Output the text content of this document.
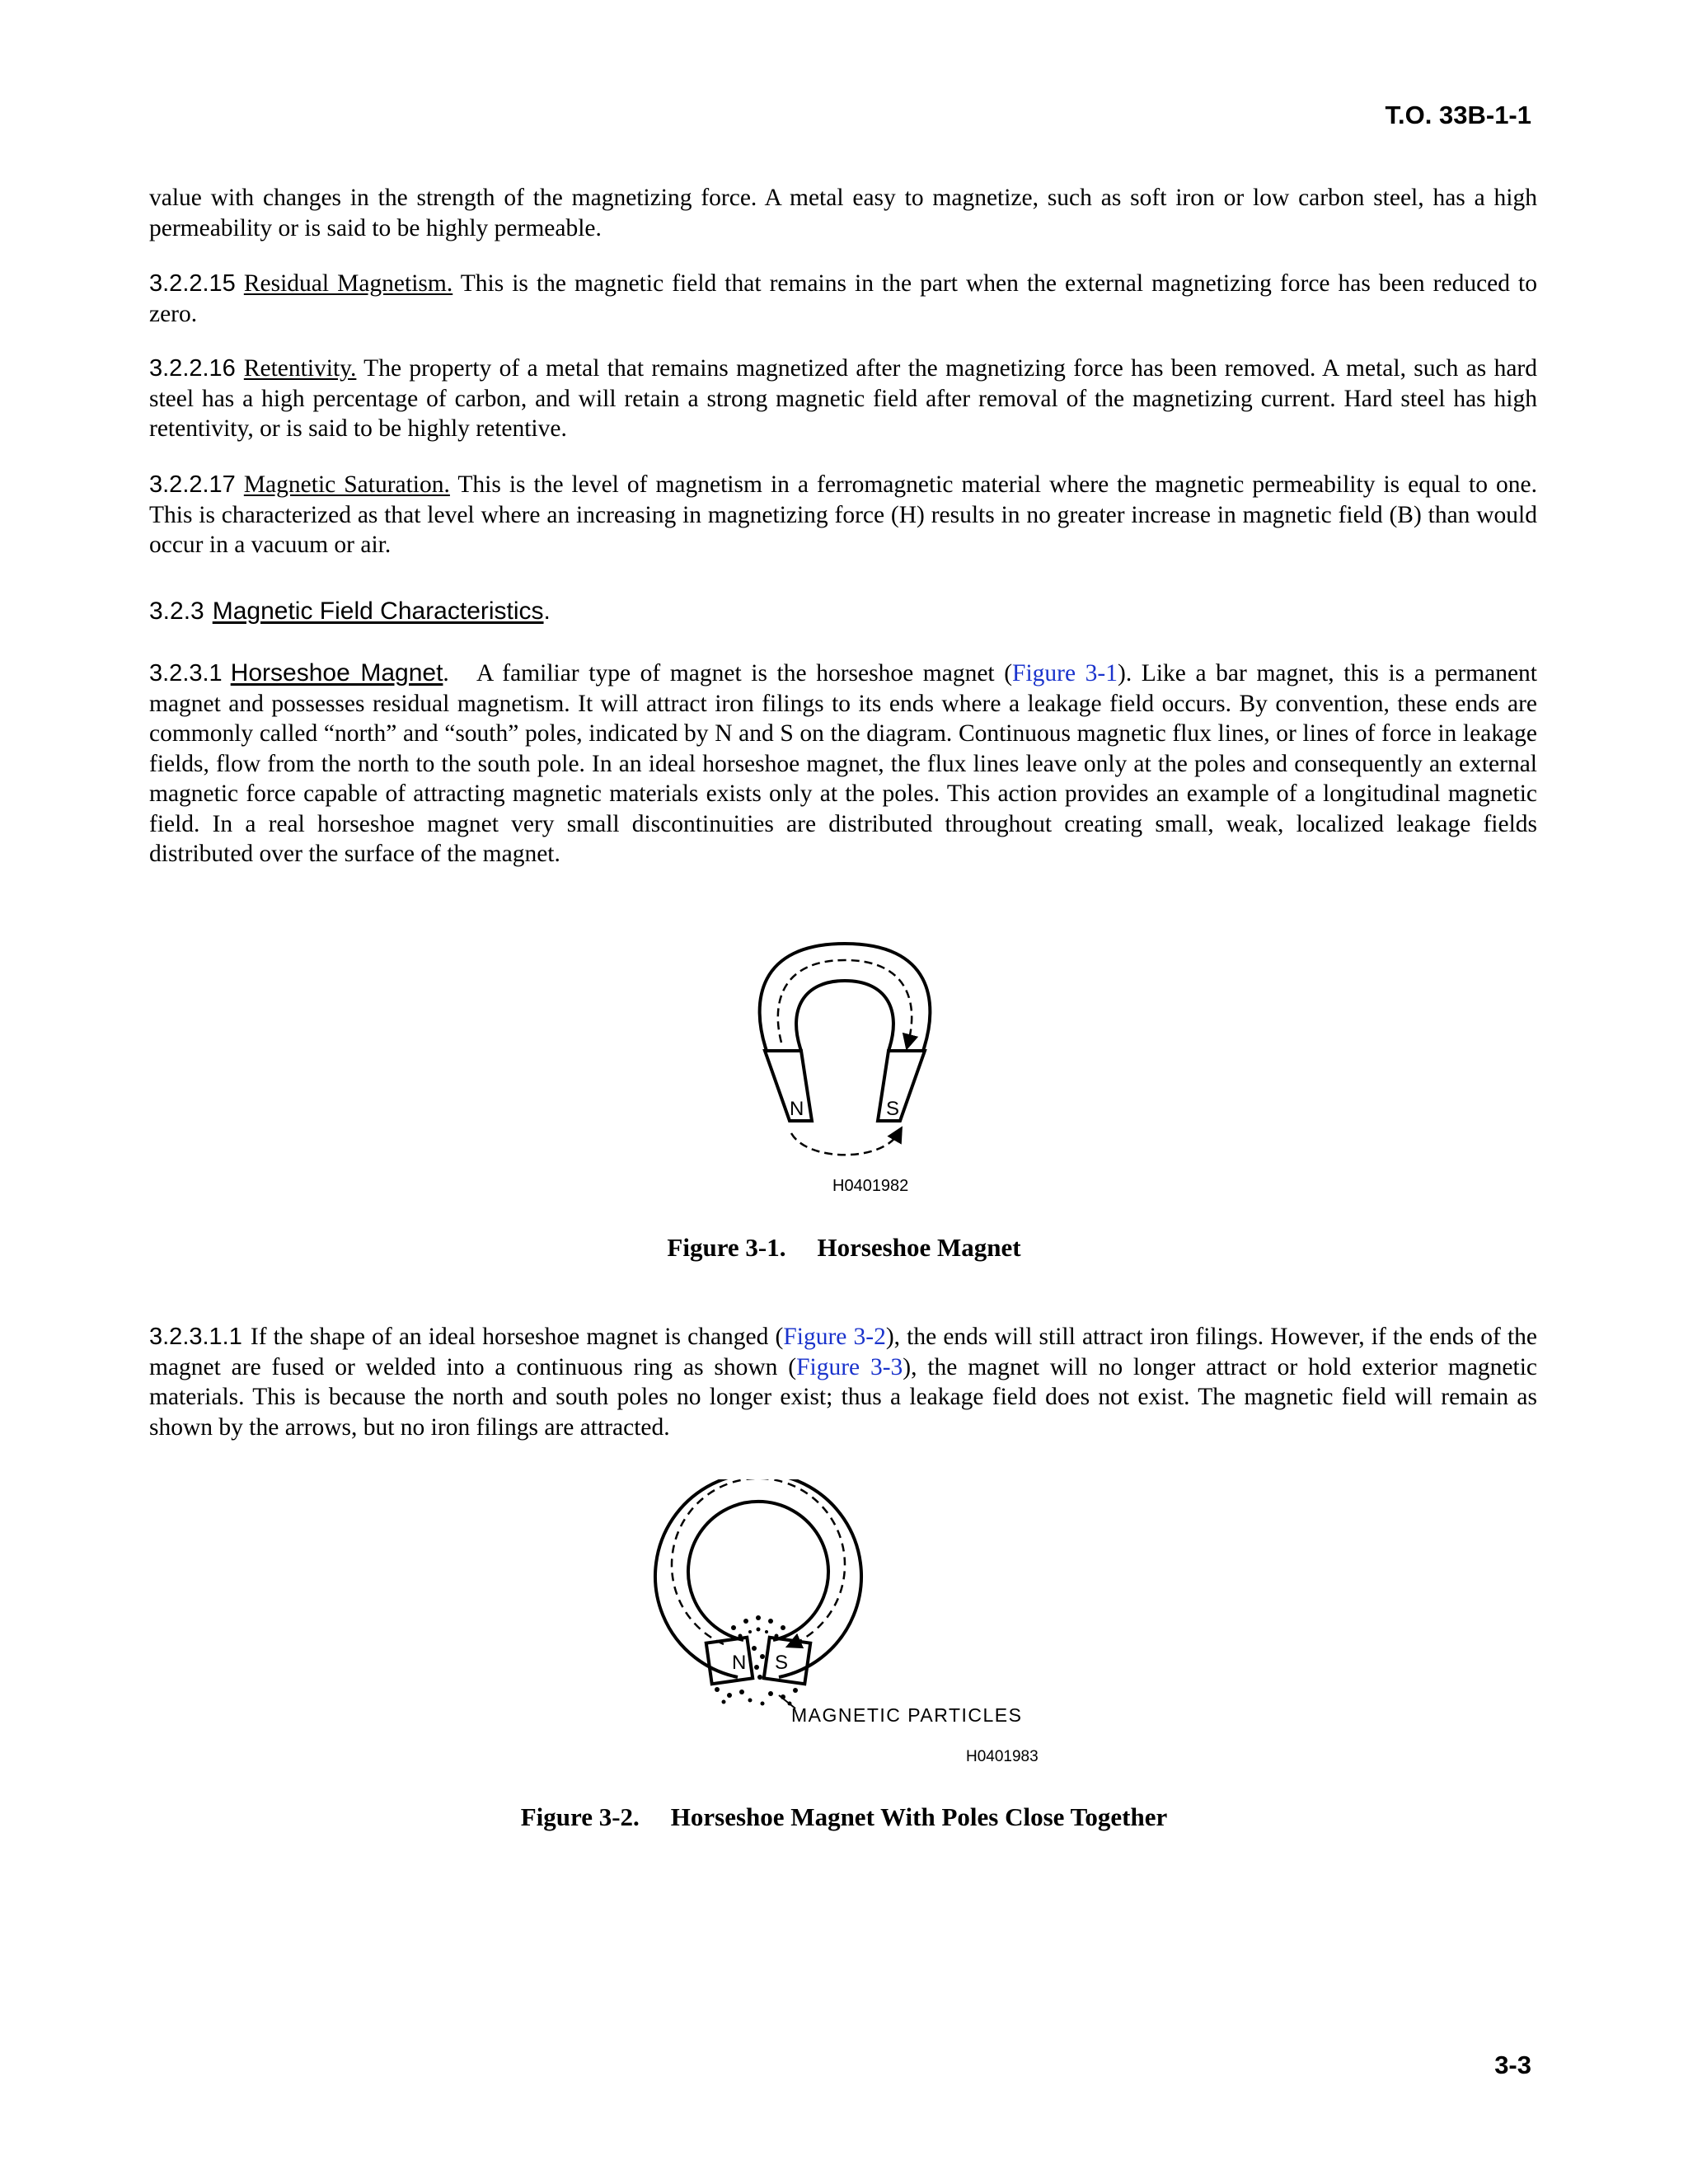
T.O. 33B-1-1
value with changes in the strength of the magnetizing force. A metal easy to magnetize, such as soft iron or low carbon steel, has a high permeability or is said to be highly permeable.
3.2.2.15 Residual Magnetism. This is the magnetic field that remains in the part when the external magnetizing force has been reduced to zero.
3.2.2.16 Retentivity. The property of a metal that remains magnetized after the magnetizing force has been removed. A metal, such as hard steel has a high percentage of carbon, and will retain a strong magnetic field after removal of the magnetizing current. Hard steel has high retentivity, or is said to be highly retentive.
3.2.2.17 Magnetic Saturation. This is the level of magnetism in a ferromagnetic material where the magnetic permeability is equal to one. This is characterized as that level where an increasing in magnetizing force (H) results in no greater increase in magnetic field (B) than would occur in a vacuum or air.
3.2.3 Magnetic Field Characteristics.
3.2.3.1 Horseshoe Magnet.   A familiar type of magnet is the horseshoe magnet (Figure 3-1). Like a bar magnet, this is a permanent magnet and possesses residual magnetism. It will attract iron filings to its ends where a leakage field occurs. By convention, these ends are commonly called “north” and “south” poles, indicated by N and S on the diagram. Continuous magnetic flux lines, or lines of force in leakage fields, flow from the north to the south pole. In an ideal horseshoe magnet, the flux lines leave only at the poles and consequently an external magnetic force capable of attracting magnetic materials exists only at the poles. This action provides an example of a longitudinal magnetic field. In a real horseshoe magnet very small discontinuities are distributed throughout creating small, weak, localized leakage fields distributed over the surface of the magnet.
N	S
H0401982
Figure 3-1. Horseshoe Magnet
3.2.3.1.1 If the shape of an ideal horseshoe magnet is changed (Figure 3-2), the ends will still attract iron filings. However, if the ends of the magnet are fused or welded into a continuous ring as shown (Figure 3-3), the magnet will no longer attract or hold exterior magnetic materials. This is because the north and south poles no longer exist; thus a leakage field does not exist. The magnetic field will remain as shown by the arrows, but no iron filings are attracted.
N S
MAGNETIC PARTICLES
H0401983
Figure 3-2. Horseshoe Magnet With Poles Close Together
3-3
